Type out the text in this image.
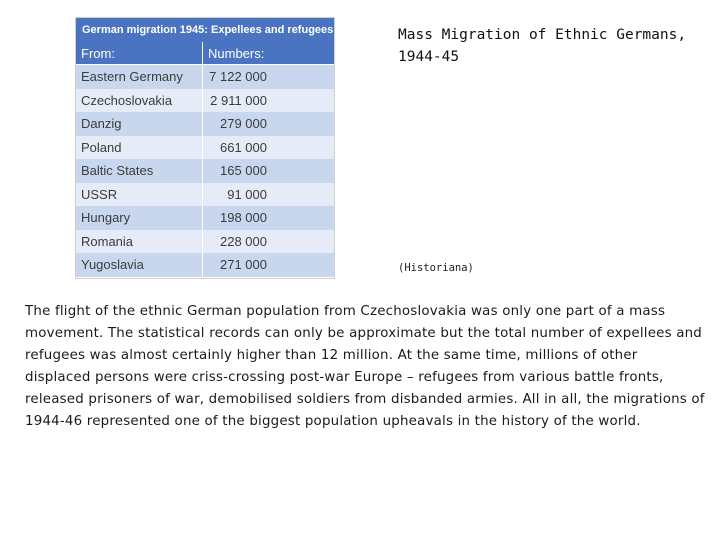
German migration 1945: Expellees and refugees
From:	Numbers:
Eastern Germany	7 122 000
Czechoslovakia	2 911 000
Danzig	279 000
Poland	661 000
Baltic States	165 000
USSR	91 000
Hungary	198 000
Romania	228 000
Yugoslavia	271 000
Mass Migration of Ethnic Germans,
1944-45
(Historiana)
The flight of the ethnic German population from Czechoslovakia was only one part of a mass movement. The statistical records can only be approximate but the total number of expellees and refugees was almost certainly higher than 12 million. At the same time, millions of other displaced persons were criss-crossing post-war Europe – refugees from various battle fronts, released prisoners of war, demobilised soldiers from disbanded armies. All in all, the migrations of 1944-46 represented one of the biggest population upheavals in the history of the world.
